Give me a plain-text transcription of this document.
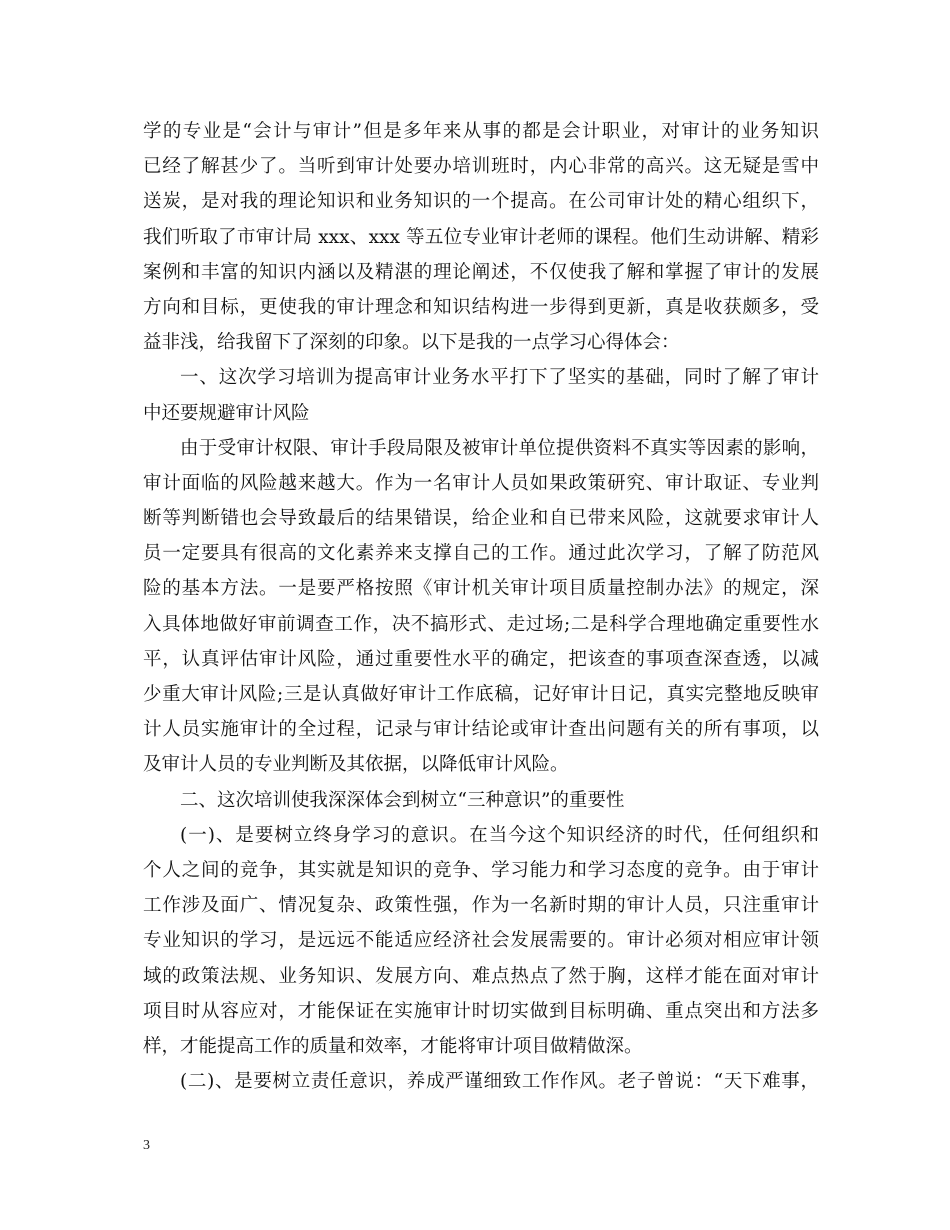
学的专业是“会计与审计”但是多年来从事的都是会计职业，对审计的业务知识
已经了解甚少了。当听到审计处要办培训班时，内心非常的高兴。这无疑是雪中
送炭，是对我的理论知识和业务知识的一个提高。在公司审计处的精心组织下，
我们听取了市审计局 xxx、xxx 等五位专业审计老师的课程。他们生动讲解、精彩
案例和丰富的知识内涵以及精湛的理论阐述，不仅使我了解和掌握了审计的发展
方向和目标，更使我的审计理念和知识结构进一步得到更新，真是收获颇多，受
益非浅，给我留下了深刻的印象。以下是我的一点学习心得体会：
一、这次学习培训为提高审计业务水平打下了坚实的基础，同时了解了审计
中还要规避审计风险
由于受审计权限、审计手段局限及被审计单位提供资料不真实等因素的影响，
审计面临的风险越来越大。作为一名审计人员如果政策研究、审计取证、专业判
断等判断错也会导致最后的结果错误，给企业和自已带来风险，这就要求审计人
员一定要具有很高的文化素养来支撑自己的工作。通过此次学习，了解了防范风
险的基本方法。一是要严格按照《审计机关审计项目质量控制办法》的规定，深
入具体地做好审前调查工作，决不搞形式、走过场;二是科学合理地确定重要性水
平，认真评估审计风险，通过重要性水平的确定，把该查的事项查深查透，以减
少重大审计风险;三是认真做好审计工作底稿，记好审计日记，真实完整地反映审
计人员实施审计的全过程，记录与审计结论或审计查出问题有关的所有事项，以
及审计人员的专业判断及其依据，以降低审计风险。
二、这次培训使我深深体会到树立“三种意识”的重要性
(一)、是要树立终身学习的意识。在当今这个知识经济的时代，任何组织和
个人之间的竞争，其实就是知识的竞争、学习能力和学习态度的竞争。由于审计
工作涉及面广、情况复杂、政策性强，作为一名新时期的审计人员，只注重审计
专业知识的学习，是远远不能适应经济社会发展需要的。审计必须对相应审计领
域的政策法规、业务知识、发展方向、难点热点了然于胸，这样才能在面对审计
项目时从容应对，才能保证在实施审计时切实做到目标明确、重点突出和方法多
样，才能提高工作的质量和效率，才能将审计项目做精做深。
(二)、是要树立责任意识，养成严谨细致工作作风。老子曾说：“天下难事，
3
